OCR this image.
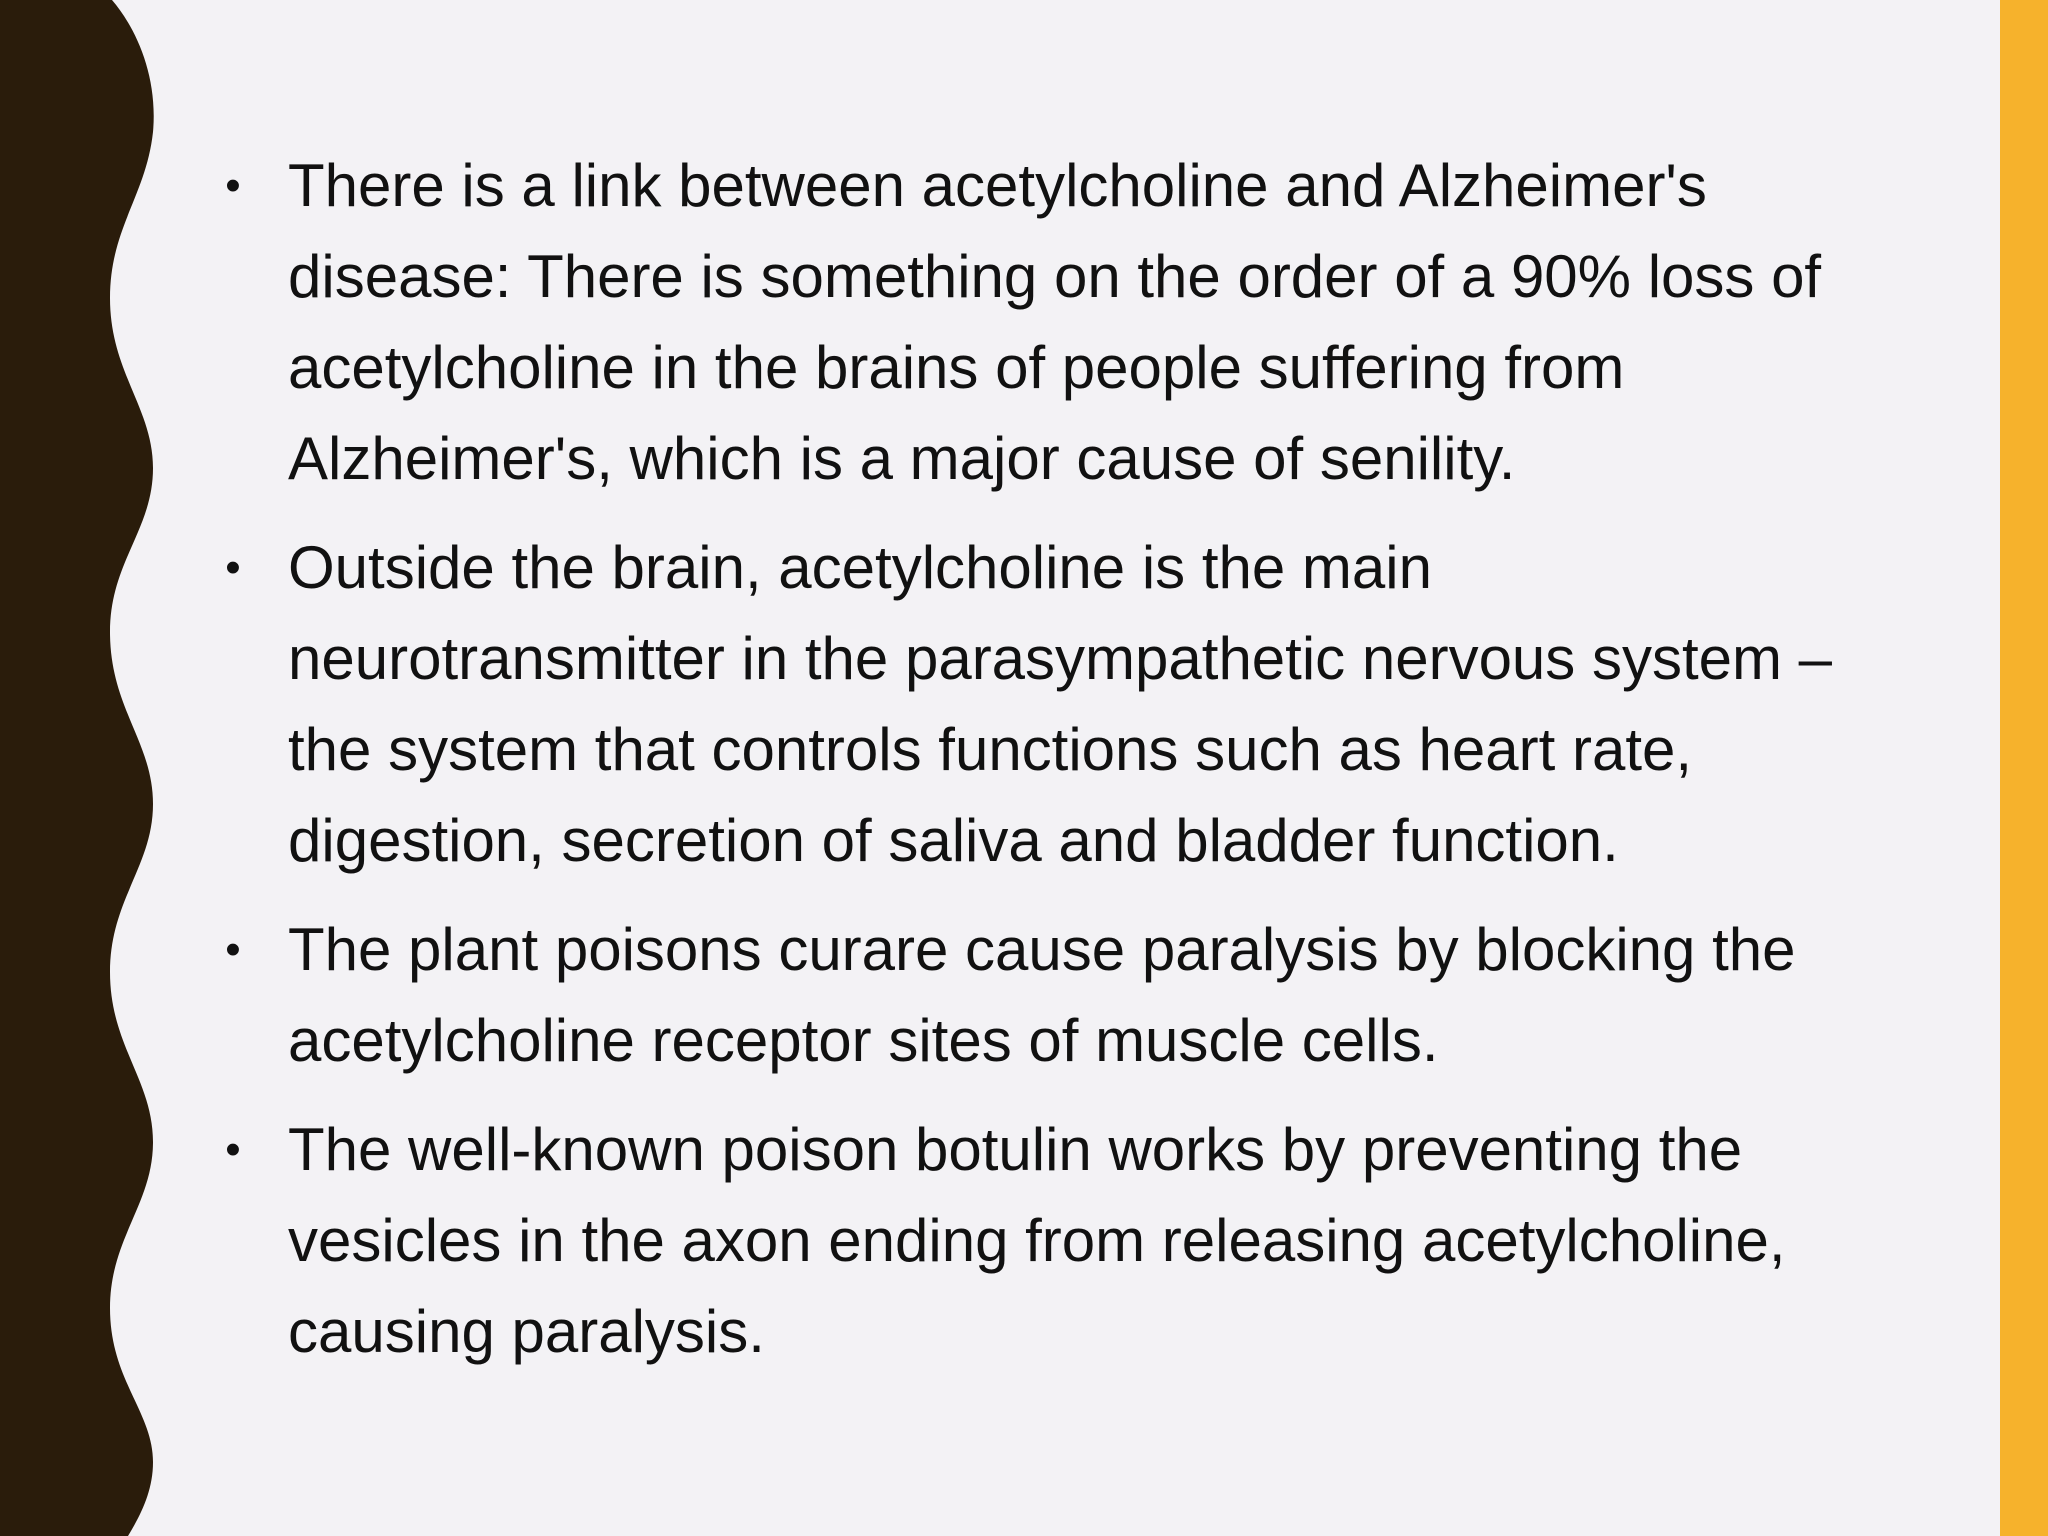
• There is a link between acetylcholine and Alzheimer's disease: There is something on the order of a 90% loss of acetylcholine in the brains of people suffering from Alzheimer's, which is a major cause of senility.
• Outside the brain, acetylcholine is the main neurotransmitter in the parasympathetic nervous system – the system that controls functions such as heart rate, digestion, secretion of saliva and bladder function.
• The plant poisons curare cause paralysis by blocking the acetylcholine receptor sites of muscle cells.
• The well-known poison botulin works by preventing the vesicles in the axon ending from releasing acetylcholine, causing paralysis.
